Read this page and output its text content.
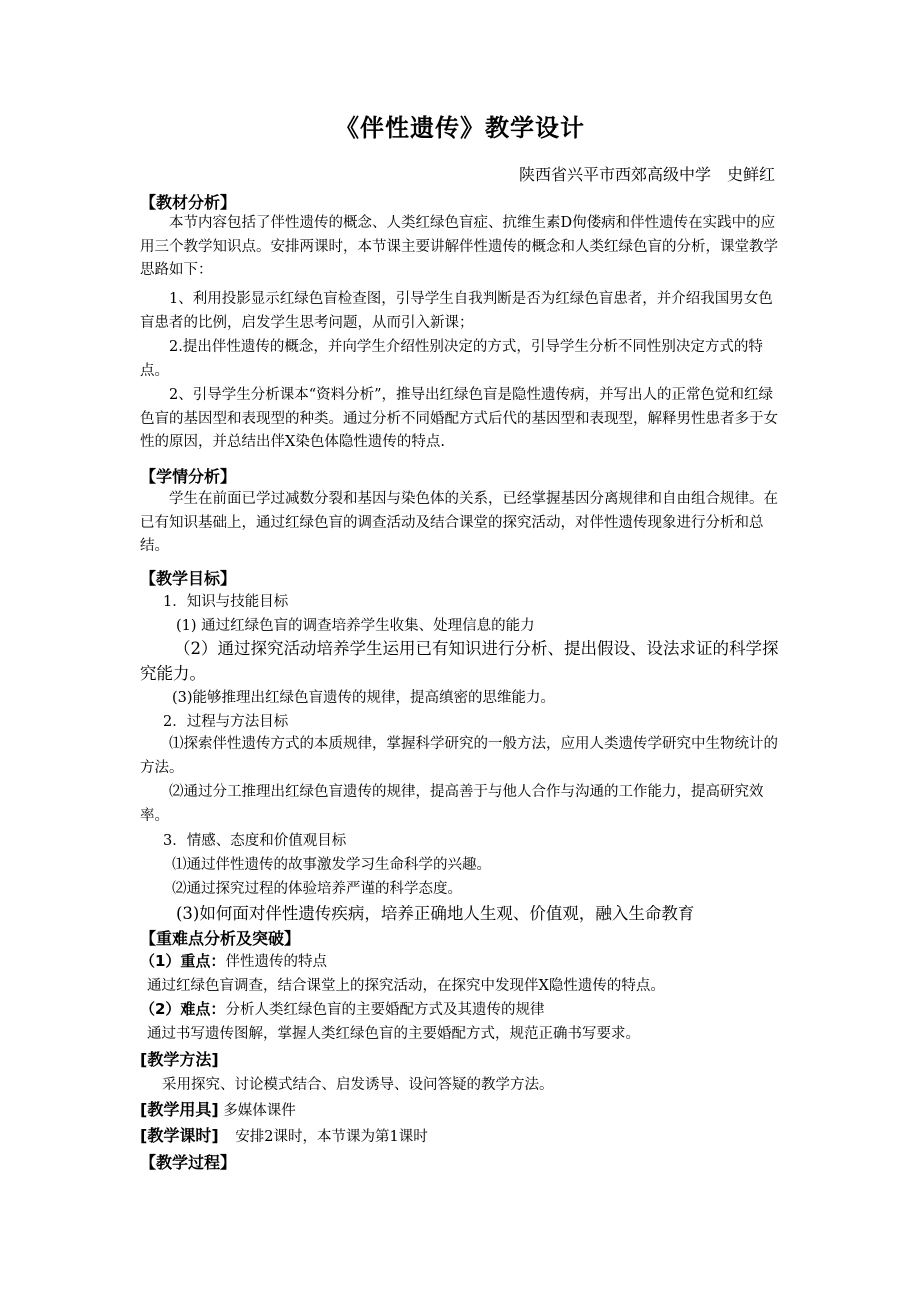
《伴性遗传》教学设计
陕西省兴平市西郊高级中学　史鲜红
【教材分析】

本节内容包括了伴性遗传的概念、人类红绿色盲症、抗维生素D佝偻病和伴性遗传在实践中的应用三个教学知识点。安排两课时，本节课主要讲解伴性遗传的概念和人类红绿色盲的分析，课堂教学思路如下：

1、利用投影显示红绿色盲检查图，引导学生自我判断是否为红绿色盲患者，并介绍我国男女色盲患者的比例，启发学生思考问题，从而引入新课；

2.提出伴性遗传的概念，并向学生介绍性别决定的方式，引导学生分析不同性别决定方式的特点。

2、引导学生分析课本“资料分析”，推导出红绿色盲是隐性遗传病，并写出人的正常色觉和红绿色盲的基因型和表现型的种类。通过分析不同婚配方式后代的基因型和表现型，解释男性患者多于女性的原因，并总结出伴X染色体隐性遗传的特点.

【学情分析】

学生在前面已学过减数分裂和基因与染色体的关系，已经掌握基因分离规律和自由组合规律。在已有知识基础上，通过红绿色盲的调查活动及结合课堂的探究活动，对伴性遗传现象进行分析和总结。

【教学目标】
1．知识与技能目标
(1) 通过红绿色盲的调查培养学生收集、处理信息的能力

（2）通过探究活动培养学生运用已有知识进行分析、提出假设、设法求证的科学探究能力。

(3)能够推理出红绿色盲遗传的规律，提高缜密的思维能力。
2．过程与方法目标

⑴探索伴性遗传方式的本质规律，掌握科学研究的一般方法，应用人类遗传学研究中生物统计的方法。

⑵通过分工推理出红绿色盲遗传的规律，提高善于与他人合作与沟通的工作能力，提高研究效率。

3．情感、态度和价值观目标
⑴通过伴性遗传的故事激发学习生命科学的兴趣。
⑵通过探究过程的体验培养严谨的科学态度。
(3)如何面对伴性遗传疾病，培养正确地人生观、价值观，融入生命教育
【重难点分析及突破】
（1）重点：伴性遗传的特点
通过红绿色盲调查，结合课堂上的探究活动，在探究中发现伴X隐性遗传的特点。
（2）难点：分析人类红绿色盲的主要婚配方式及其遗传的规律
通过书写遗传图解，掌握人类红绿色盲的主要婚配方式，规范正确书写要求。
[教学方法]
采用探究、讨论模式结合、启发诱导、设问答疑的教学方法。
[教学用具] 多媒体课件
[教学课时] 安排2课时，本节课为第1课时
【教学过程】
